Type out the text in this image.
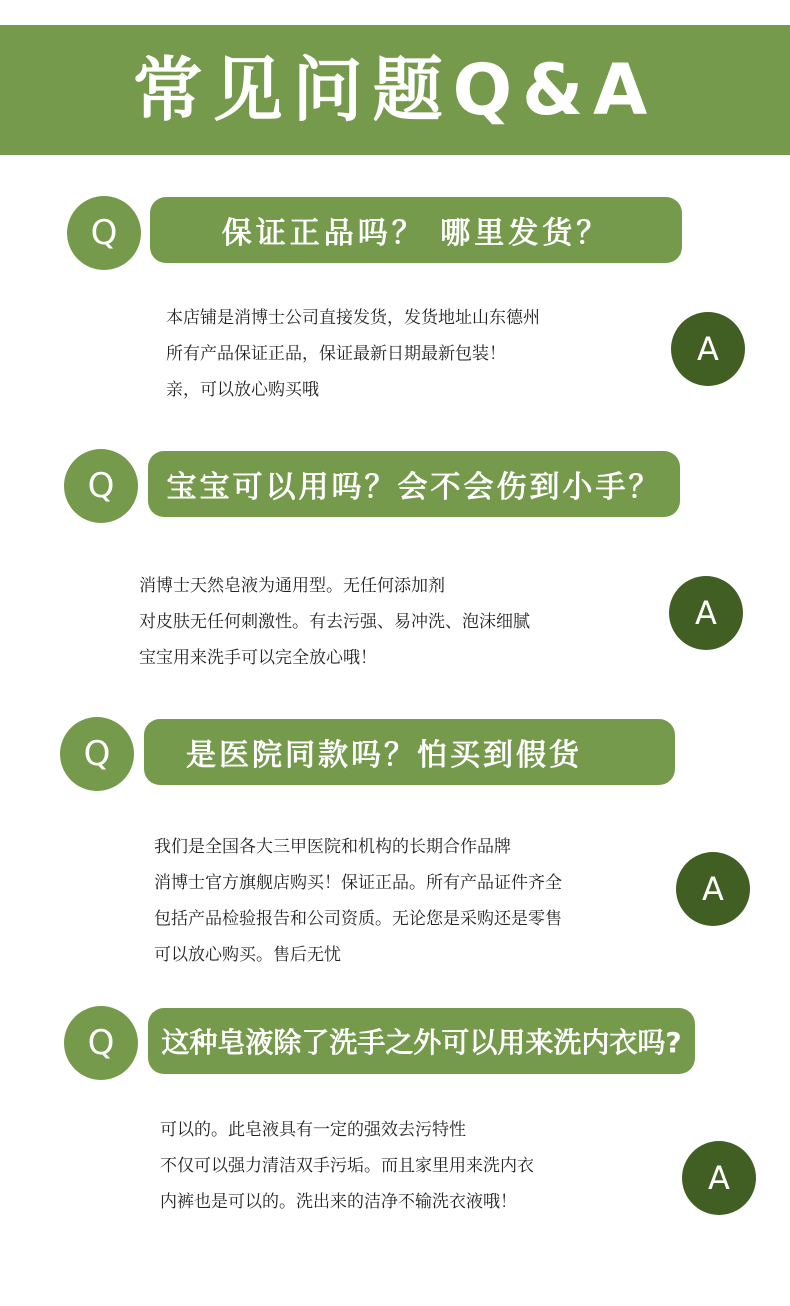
常见问题Q&A
Q	保证正品吗？ 哪里发货？
本店铺是消博士公司直接发货，发货地址山东德州
所有产品保证正品，保证最新日期最新包装！
亲，可以放心购买哦
A
Q	宝宝可以用吗？会不会伤到小手？
消博士天然皂液为通用型。无任何添加剂
对皮肤无任何刺激性。有去污强、易冲洗、泡沫细腻
宝宝用来洗手可以完全放心哦！
A
Q	是医院同款吗？怕买到假货
我们是全国各大三甲医院和机构的长期合作品牌
消博士官方旗舰店购买！保证正品。所有产品证件齐全
包括产品检验报告和公司资质。无论您是采购还是零售
可以放心购买。售后无忧
A
Q	这种皂液除了洗手之外可以用来洗内衣吗?
可以的。此皂液具有一定的强效去污特性
不仅可以强力清洁双手污垢。而且家里用来洗内衣
内裤也是可以的。洗出来的洁净不输洗衣液哦！
A
